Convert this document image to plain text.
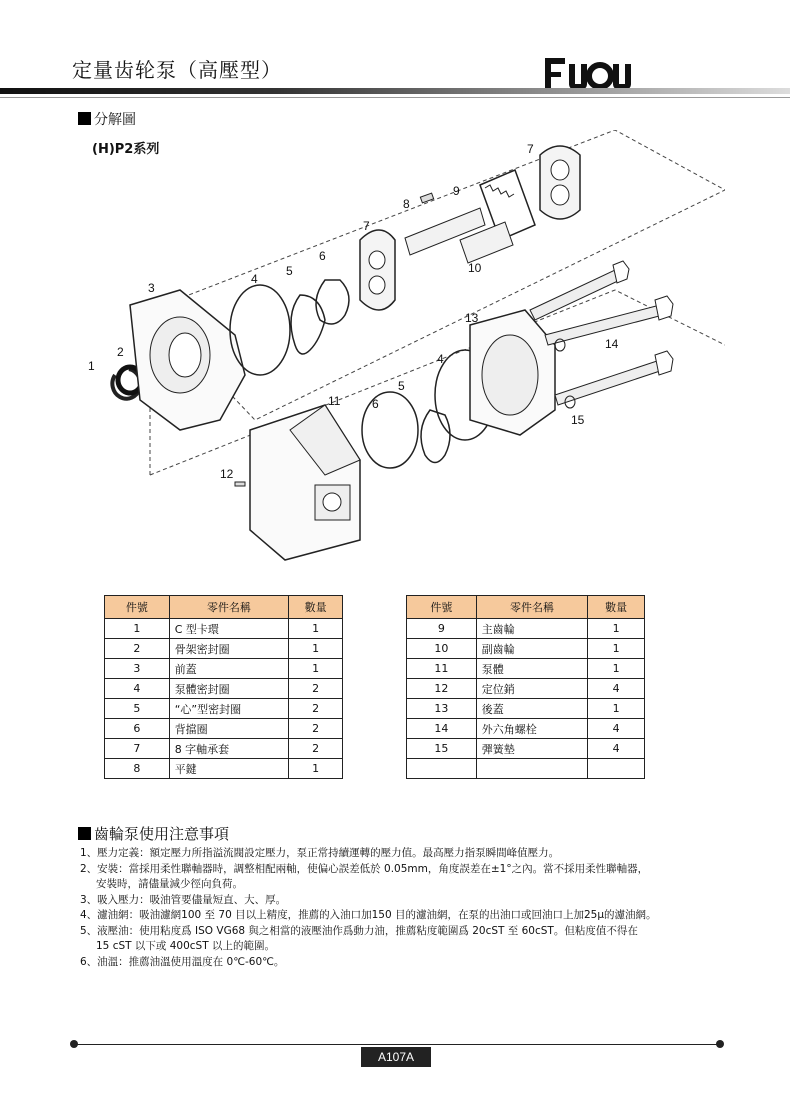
定量齿轮泵（高壓型）
分解圖
(H)P2系列
1
2
3
4
5
6
7
8
9
7
10
11
12
13
14
15
4
5
6
件號	零件名稱	數量
1	C 型卡環	1
2	骨架密封圈	1
3	前蓋	1
4	泵體密封圈	2
5	“心”型密封圈	2
6	背擋圈	2
7	8 字軸承套	2
8	平鍵	1
件號	零件名稱	數量
9	主齒輪	1
10	副齒輪	1
11	泵體	1
12	定位銷	4
13	後蓋	1
14	外六角螺栓	4
15	彈簧墊	4

齒輪泵使用注意事項
1、壓力定義：額定壓力所指溢流閥設定壓力，泵正常持續運轉的壓力值。最高壓力指泵瞬間峰值壓力。
2、安裝：當採用柔性聯軸器時，調整相配兩軸，使偏心誤差低於 0.05mm，角度誤差在±1°之內。當不採用柔性聯軸器，
安裝時，請儘量減少徑向負荷。
3、吸入壓力：吸油管要儘量短直、大、厚。
4、濾油網：吸油濾網100 至 70 目以上精度，推薦的入油口加150 目的濾油網，在泵的出油口或回油口上加25μ的濾油網。
5、液壓油：使用粘度爲 ISO VG68 與之相當的液壓油作爲動力油，推薦粘度範圍爲 20cST 至 60cST。但粘度值不得在
15 cST 以下或 400cST 以上的範圍。
6、油溫：推薦油溫使用溫度在 0℃-60℃。
A107A
